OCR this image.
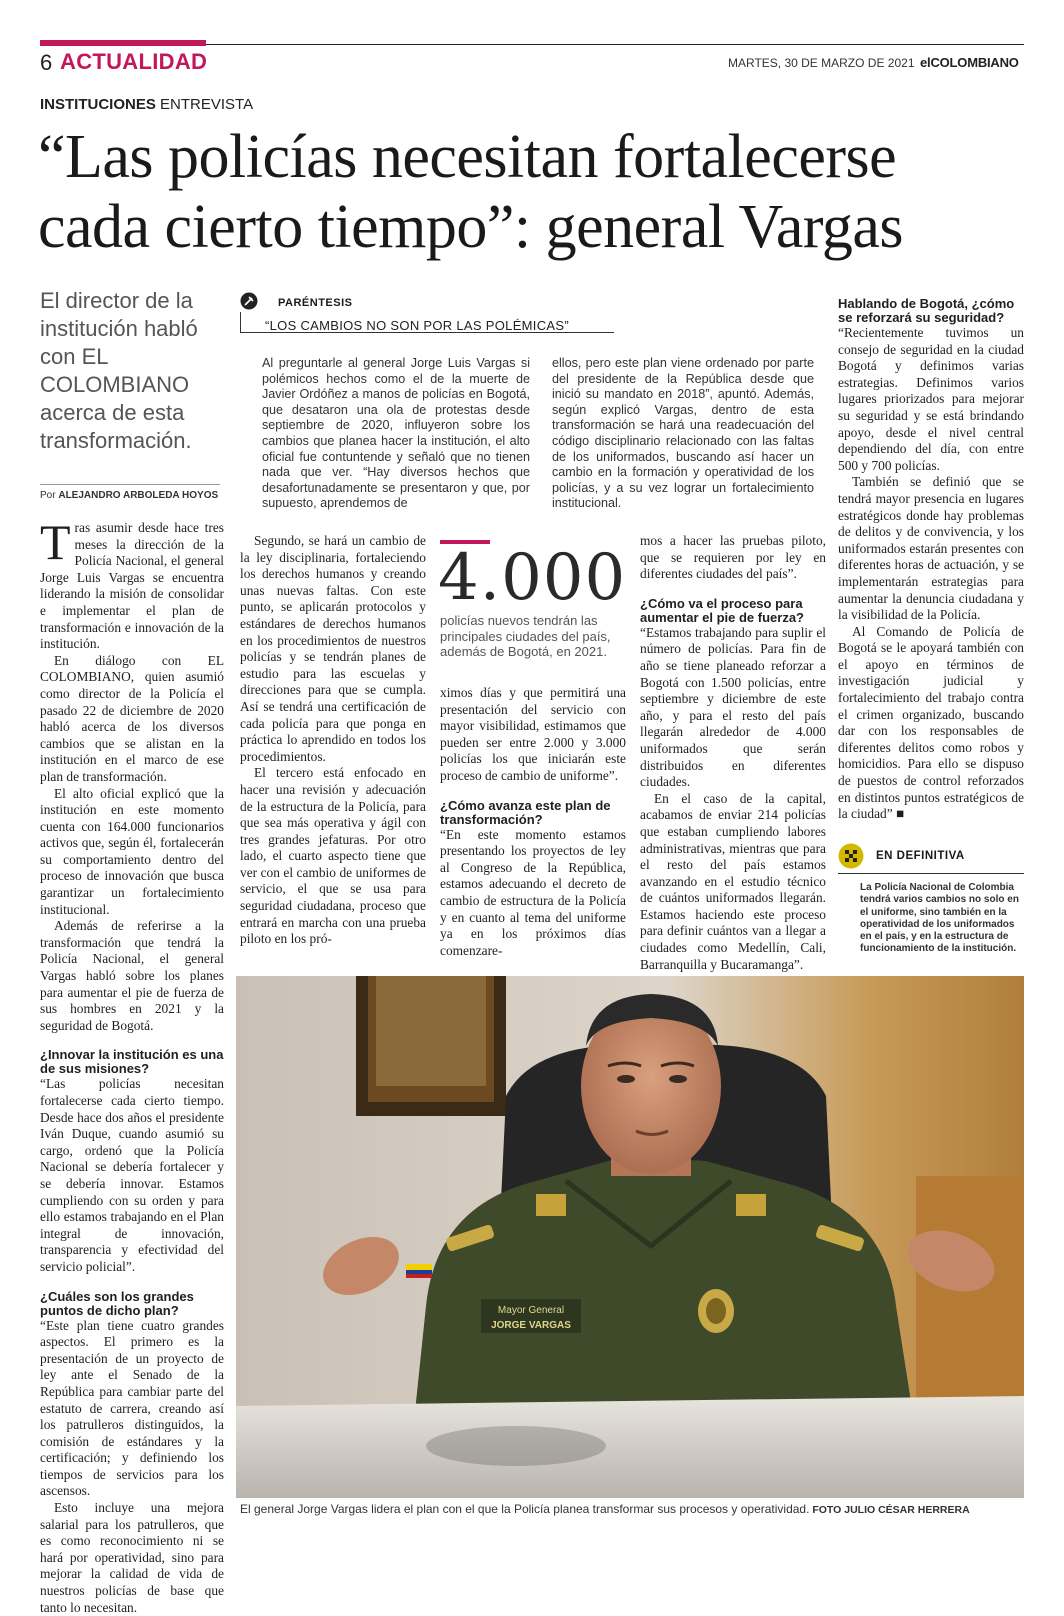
6 ACTUALIDAD	MARTES, 30 DE MARZO DE 2021 elCOLOMBIANO
INSTITUCIONES ENTREVISTA
“Las policías necesitan fortalecerse
cada cierto tiempo”: general Vargas
El director de la institución habló con EL COLOMBIANO acerca de esta transformación.
Por ALEJANDRO ARBOLEDA HOYOS

Tras asumir desde hace tres meses la dirección de la Policía Nacional, el general Jorge Luis Vargas se encuentra liderando la misión de consolidar e implementar el plan de transformación e innovación de la institución.

En diálogo con EL COLOMBIANO, quien asumió como director de la Policía el pasado 22 de diciembre de 2020 habló acerca de los diversos cambios que se alistan en la institución en el marco de ese plan de transformación.

El alto oficial explicó que la institución en este momento cuenta con 164.000 funcionarios activos que, según él, fortalecerán su comportamiento dentro del proceso de innovación que busca garantizar un fortalecimiento institucional.

Además de referirse a la transformación que tendrá la Policía Nacional, el general Vargas habló sobre los planes para aumentar el pie de fuerza de sus hombres en 2021 y la seguridad de Bogotá.

¿Innovar la institución es una de sus misiones?

“Las policías necesitan fortalecerse cada cierto tiempo. Desde hace dos años el presidente Iván Duque, cuando asumió su cargo, ordenó que la Policía Nacional se debería fortalecer y se debería innovar. Estamos cumpliendo con su orden y para ello estamos trabajando en el Plan integral de innovación, transparencia y efectividad del servicio policial”.

¿Cuáles son los grandes puntos de dicho plan?

“Este plan tiene cuatro grandes aspectos. El primero es la presentación de un proyecto de ley ante el Senado de la República para cambiar parte del estatuto de carrera, creando así los patrulleros distinguidos, la comisión de estándares y la certificación; y definiendo los tiempos de servicios para los ascensos.

Esto incluye una mejora salarial para los patrulleros, que es como reconocimiento ni se hará por operatividad, sino para mejorar la calidad de vida de nuestros policías de base que tanto lo necesitan.

PARÉNTESIS
“LOS CAMBIOS NO SON POR LAS POLÉMICAS”
Al preguntarle al general Jorge Luis Vargas si polémicos hechos como el de la muerte de Javier Ordóñez a manos de policías en Bogotá, que desataron una ola de protestas desde septiembre de 2020, influyeron sobre los cambios que planea hacer la institución, el alto oficial fue contuntende y señaló que no tienen nada que ver. “Hay diversos hechos que desafortunadamente se presentaron y que, por supuesto, aprendemos de
ellos, pero este plan viene ordenado por parte del presidente de la República desde que inició su mandato en 2018”, apuntó. Además, según explicó Vargas, dentro de esta transformación se hará una readecuación del código disciplinario relacionado con las faltas de los uniformados, buscando así hacer un cambio en la formación y operatividad de los policías, y a su vez lograr un fortalecimiento institucional.

Segundo, se hará un cambio de la ley disciplinaria, fortaleciendo los derechos humanos y creando unas nuevas faltas. Con este punto, se aplicarán protocolos y estándares de derechos humanos en los procedimientos de nuestros policías y se tendrán planes de estudio para las escuelas y direcciones para que se cumpla. Así se tendrá una certificación de cada policía para que ponga en práctica lo aprendido en todos los procedimientos.

El tercero está enfocado en hacer una revisión y adecuación de la estructura de la Policía, para que sea más operativa y ágil con tres grandes jefaturas. Por otro lado, el cuarto aspecto tiene que ver con el cambio de uniformes de servicio, el que se usa para seguridad ciudadana, proceso que entrará en marcha con una prueba piloto en los pró-

4.000
policías nuevos tendrán las principales ciudades del país, además de Bogotá, en 2021.

ximos días y que permitirá una presentación del servicio con mayor visibilidad, estimamos que pueden ser entre 2.000 y 3.000 policías los que iniciarán este proceso de cambio de uniforme”.

¿Cómo avanza este plan de transformación?

“En este momento estamos presentando los proyectos de ley al Congreso de la República, estamos adecuando el decreto de cambio de estructura de la Policía y en cuanto al tema del uniforme ya en los próximos días comenzare-

mos a hacer las pruebas piloto, que se requieren por ley en diferentes ciudades del país”.

¿Cómo va el proceso para aumentar el pie de fuerza?

“Estamos trabajando para suplir el número de policías. Para fin de año se tiene planeado reforzar a Bogotá con 1.500 policías, entre septiembre y diciembre de este año, y para el resto del país llegarán alrededor de 4.000 uniformados que serán distribuidos en diferentes ciudades.

En el caso de la capital, acabamos de enviar 214 policías que estaban cumpliendo labores administrativas, mientras que para el resto del país estamos avanzando en el estudio técnico de cuántos uniformados llegarán. Estamos haciendo este proceso para definir cuántos van a llegar a ciudades como Medellín, Cali, Barranquilla y Bucaramanga”.

Hablando de Bogotá, ¿cómo se reforzará su seguridad?

“Recientemente tuvimos un consejo de seguridad en la ciudad Bogotá y definimos varias estrategias. Definimos varios lugares priorizados para mejorar su seguridad y se está brindando apoyo, desde el nivel central dependiendo del día, con entre 500 y 700 policías.

También se definió que se tendrá mayor presencia en lugares estratégicos donde hay problemas de delitos y de convivencia, y los uniformados estarán presentes con diferentes horas de actuación, y se implementarán estrategias para aumentar la denuncia ciudadana y la visibilidad de la Policía.

Al Comando de Policía de Bogotá se le apoyará también con el apoyo en términos de investigación judicial y fortalecimiento del trabajo contra el crimen organizado, buscando dar con los responsables de diferentes delitos como robos y homicidios. Para ello se dispuso de puestos de control reforzados en distintos puntos estratégicos de la ciudad” ■

EN DEFINITIVA
La Policía Nacional de Colombia tendrá varios cambios no solo en el uniforme, sino también en la operatividad de los uniformados en el país, y en la estructura de funcionamiento de la institución.
Mayor General
JORGE VARGAS
El general Jorge Vargas lidera el plan con el que la Policía planea transformar sus procesos y operatividad. FOTO JULIO CÉSAR HERRERA
